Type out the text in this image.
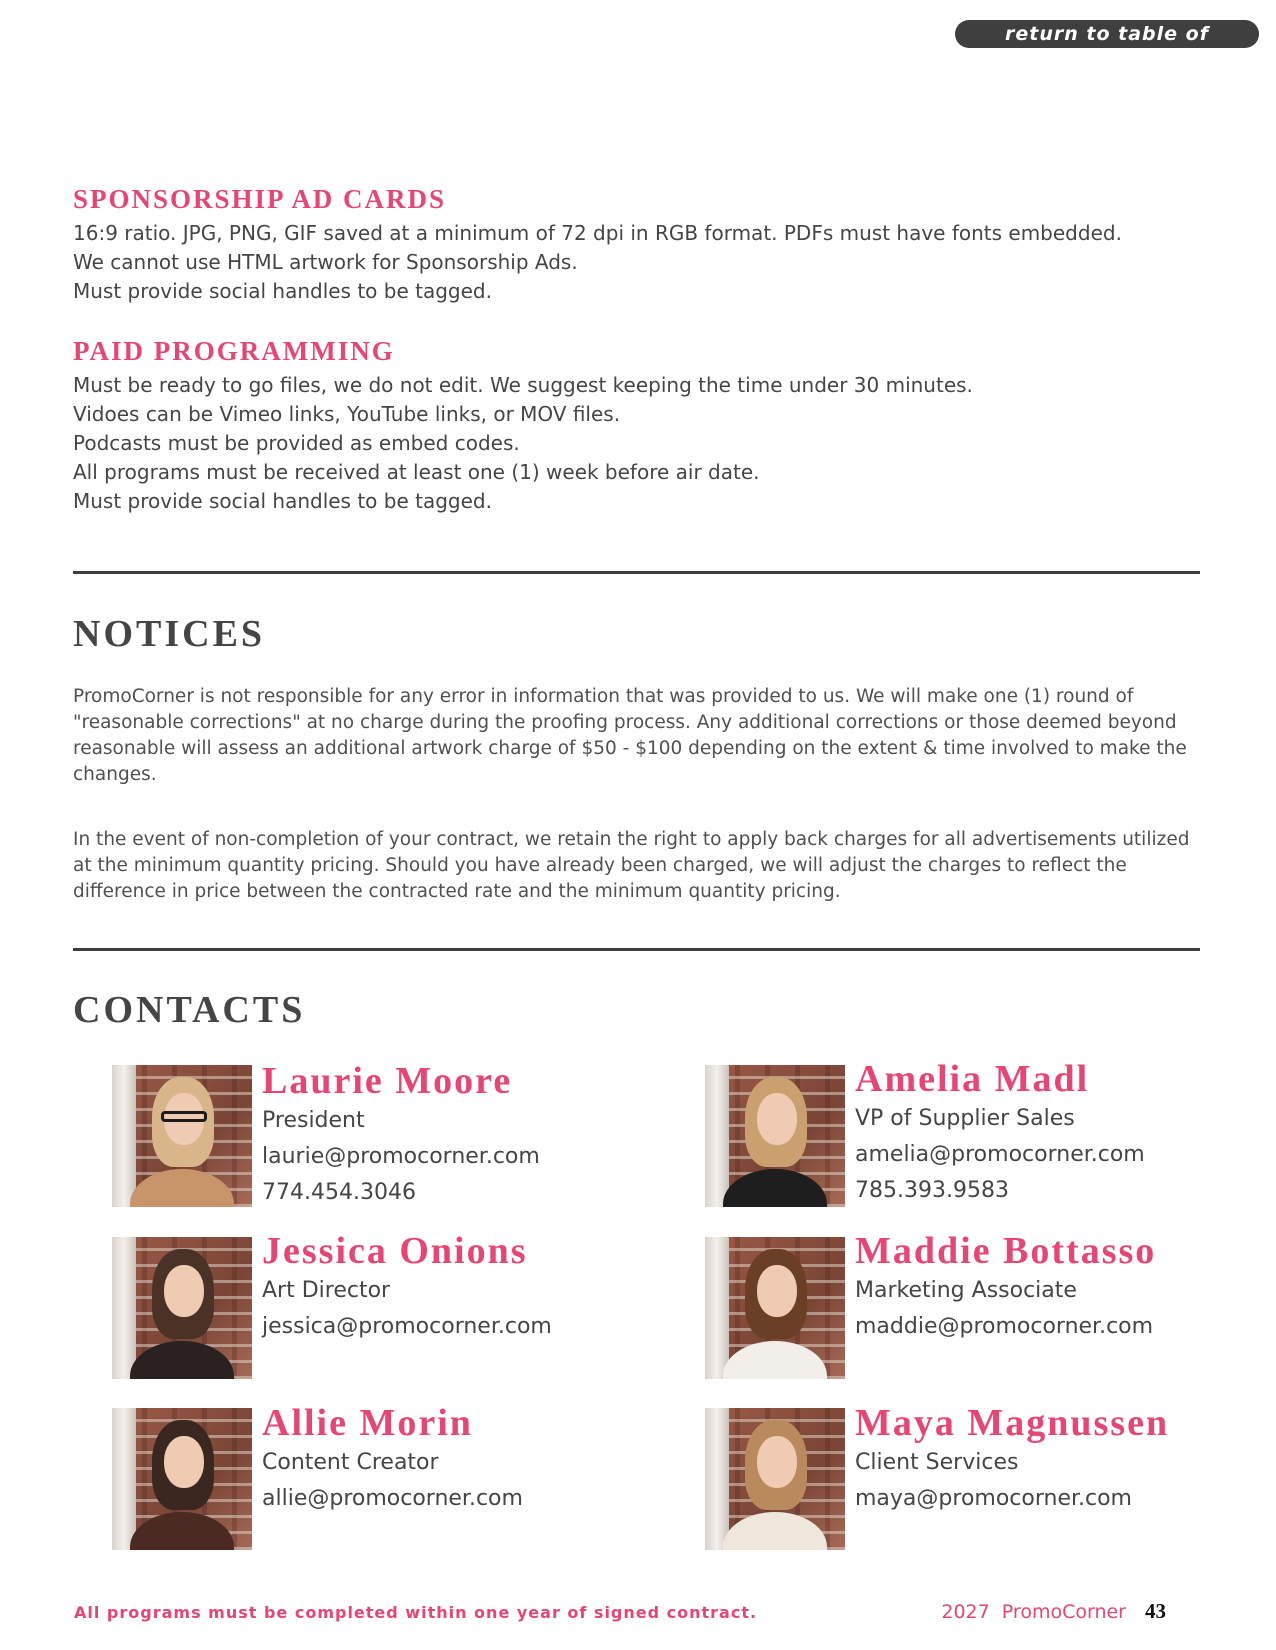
return to table of contents
SPONSORSHIP AD CARDS
16:9 ratio. JPG, PNG, GIF saved at a minimum of 72 dpi in RGB format. PDFs must have fonts embedded.
We cannot use HTML artwork for Sponsorship Ads.
Must provide social handles to be tagged.
PAID PROGRAMMING
Must be ready to go files, we do not edit. We suggest keeping the time under 30 minutes.
Vidoes can be Vimeo links, YouTube links, or MOV files.
Podcasts must be provided as embed codes.
All programs must be received at least one (1) week before air date.
Must provide social handles to be tagged.
NOTICES

PromoCorner is not responsible for any error in information that was provided to us. We will make one (1) round of "reasonable corrections" at no charge during the proofing process. Any additional corrections or those deemed beyond reasonable will assess an additional artwork charge of $50 - $100 depending on the extent & time involved to make the changes.

In the event of non-completion of your contract, we retain the right to apply back charges for all advertisements utilized at the minimum quantity pricing. Should you have already been charged, we will adjust the charges to reflect the difference in price between the contracted rate and the minimum quantity pricing.

CONTACTS
Laurie Moore
President
laurie@promocorner.com
774.454.3046
Amelia Madl
VP of Supplier Sales
amelia@promocorner.com
785.393.9583
Jessica Onions
Art Director
jessica@promocorner.com
Maddie Bottasso
Marketing Associate
maddie@promocorner.com
Allie Morin
Content Creator
allie@promocorner.com
Maya Magnussen
Client Services
maya@promocorner.com

All programs must be completed within one year of signed contract.	2027  PromoCorner 43
